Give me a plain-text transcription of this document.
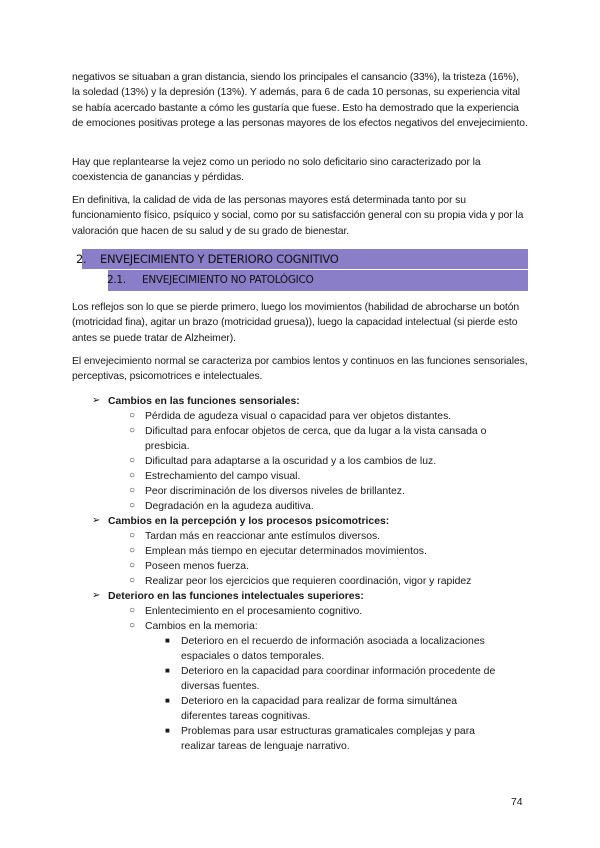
negativos se situaban a gran distancia, siendo los principales el cansancio (33%), la tristeza (16%), la soledad (13%) y la depresión (13%). Y además, para 6 de cada 10 personas, su experiencia vital se había acercado bastante a cómo les gustaría que fuese. Esto ha demostrado que la experiencia de emociones positivas protege a las personas mayores de los efectos negativos del envejecimiento.

Hay que replantearse la vejez como un periodo no solo deficitario sino caracterizado por la coexistencia de ganancias y pérdidas.

En definitiva, la calidad de vida de las personas mayores está determinada tanto por su funcionamiento físico, psíquico y social, como por su satisfacción general con su propia vida y por la valoración que hacen de su salud y de su grado de bienestar.

2. ENVEJECIMIENTO Y DETERIORO COGNITIVO
2.1. ENVEJECIMIENTO NO PATOLÓGICO

Los reflejos son lo que se pierde primero, luego los movimientos (habilidad de abrocharse un botón (motricidad fina), agitar un brazo (motricidad gruesa)), luego la capacidad intelectual (si pierde esto antes se puede tratar de Alzheimer).

El envejecimiento normal se caracteriza por cambios lentos y continuos en las funciones sensoriales, perceptivas, psicomotrices e intelectuales.

➢ Cambios en las funciones sensoriales:
○ Pérdida de agudeza visual o capacidad para ver objetos distantes.
○ Dificultad para enfocar objetos de cerca, que da lugar a la vista cansada o
presbicia.
○ Dificultad para adaptarse a la oscuridad y a los cambios de luz.
○ Estrechamiento del campo visual.
○ Peor discriminación de los diversos niveles de brillantez.
○ Degradación en la agudeza auditiva.
➢ Cambios en la percepción y los procesos psicomotrices:
○ Tardan más en reaccionar ante estímulos diversos.
○ Emplean más tiempo en ejecutar determinados movimientos.
○ Poseen menos fuerza.
○ Realizar peor los ejercicios que requieren coordinación, vigor y rapidez
➢ Deterioro en las funciones intelectuales superiores:
○ Enlentecimiento en el procesamiento cognitivo.
○ Cambios en la memoria:
■ Deterioro en el recuerdo de información asociada a localizaciones
espaciales o datos temporales.
■ Deterioro en la capacidad para coordinar información procedente de
diversas fuentes.
■ Deterioro en la capacidad para realizar de forma simultánea
diferentes tareas cognitivas.
■ Problemas para usar estructuras gramaticales complejas y para
realizar tareas de lenguaje narrativo.
74
